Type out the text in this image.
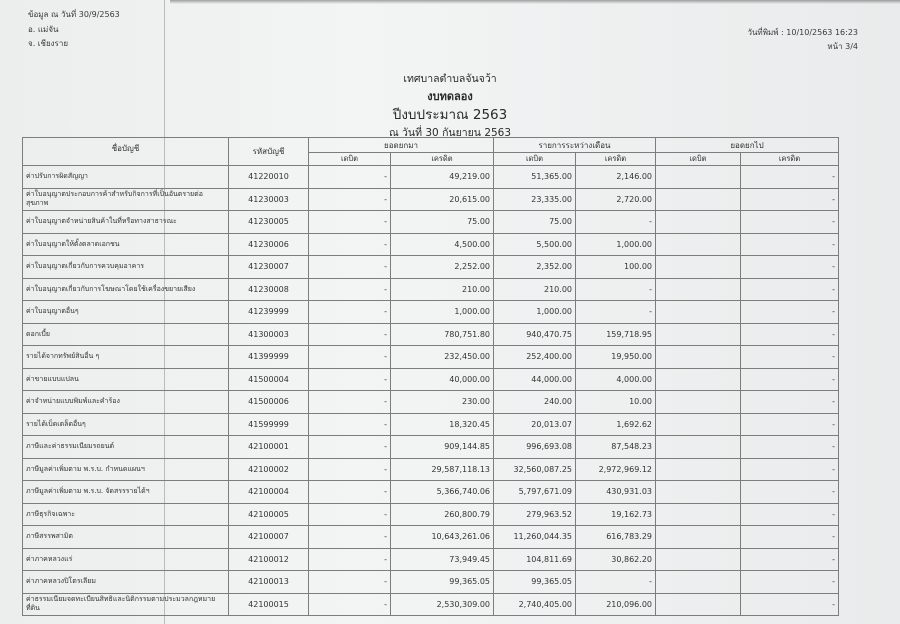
ข้อมูล ณ วันที่ 30/9/2563
อ. แม่จัน
จ. เชียงราย
วันที่พิมพ์ : 10/10/2563 16:23
หน้า 3/4
เทศบาลตำบลจันจว้า
งบทดลอง
ปีงบประมาณ 2563
ณ วันที่ 30 กันยายน 2563
ชื่อบัญชี	รหัสบัญชี	ยอดยกมา		รายการระหว่างเดือน		ยอดยกไป	

		เดบิต	เครดิต	เดบิต	เครดิต	เดบิต	เครดิต
ค่าปรับการผิดสัญญา	41220010	-	49,219.00	51,365.00	2,146.00		-
ค่าใบอนุญาตประกอบการค้าสำหรับกิจการที่เป็นอันตรายต่อสุขภาพ	41230003	-	20,615.00	23,335.00	2,720.00		-
ค่าใบอนุญาตจำหน่ายสินค้าในที่หรือทางสาธารณะ	41230005	-	75.00	75.00	-		-
ค่าใบอนุญาตให้ตั้งตลาดเอกชน	41230006	-	4,500.00	5,500.00	1,000.00		-
ค่าใบอนุญาตเกี่ยวกับการควบคุมอาคาร	41230007	-	2,252.00	2,352.00	100.00		-
ค่าใบอนุญาตเกี่ยวกับการโฆษณาโดยใช้เครื่องขยายเสียง	41230008	-	210.00	210.00	-		-
ค่าใบอนุญาตอื่นๆ	41239999	-	1,000.00	1,000.00	-		-
ดอกเบี้ย	41300003	-	780,751.80	940,470.75	159,718.95		-
รายได้จากทรัพย์สินอื่น ๆ	41399999	-	232,450.00	252,400.00	19,950.00		-
ค่าขายแบบแปลน	41500004	-	40,000.00	44,000.00	4,000.00		-
ค่าจำหน่ายแบบพิมพ์และคำร้อง	41500006	-	230.00	240.00	10.00		-
รายได้เบ็ดเตล็ดอื่นๆ	41599999	-	18,320.45	20,013.07	1,692.62		-
ภาษีและค่าธรรมเนียมรถยนต์	42100001	-	909,144.85	996,693.08	87,548.23		-
ภาษีมูลค่าเพิ่มตาม พ.ร.บ. กำหนดแผนฯ	42100002	-	29,587,118.13	32,560,087.25	2,972,969.12		-
ภาษีมูลค่าเพิ่มตาม พ.ร.บ. จัดสรรรายได้ฯ	42100004	-	5,366,740.06	5,797,671.09	430,931.03		-
ภาษีธุรกิจเฉพาะ	42100005	-	260,800.79	279,963.52	19,162.73		-
ภาษีสรรพสามิต	42100007	-	10,643,261.06	11,260,044.35	616,783.29		-
ค่าภาคหลวงแร่	42100012	-	73,949.45	104,811.69	30,862.20		-
ค่าภาคหลวงปิโตรเลียม	42100013	-	99,365.05	99,365.05	-		-
ค่าธรรมเนียมจดทะเบียนสิทธิและนิติกรรมตามประมวลกฎหมายที่ดิน	42100015	-	2,530,309.00	2,740,405.00	210,096.00		-
